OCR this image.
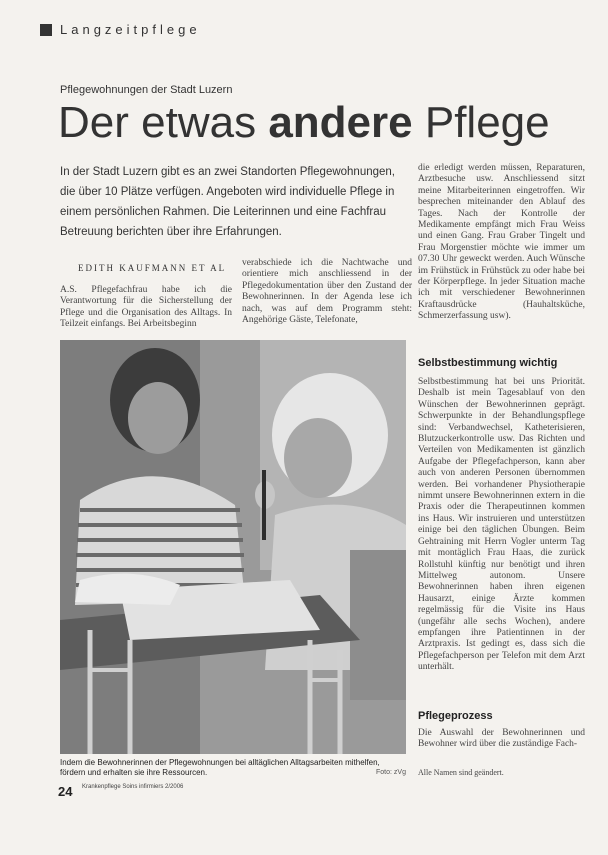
Langzeitpflege
Pflegewohnungen der Stadt Luzern
Der etwas andere Pflege
In der Stadt Luzern gibt es an zwei Standorten Pflegewohnungen, die über 10 Plätze verfügen. Angeboten wird individuelle Pflege in einem persönlichen Rahmen. Die Leiterinnen und eine Fachfrau Betreuung berichten über ihre Erfahrungen.
EDITH KAUFMANN ET AL

A.S. Pflegefachfrau habe ich die Verantwortung für die Sicherstellung der Pflege und die Organisation des Alltags. In Teilzeit einfangs. Bei Arbeitsbeginn

verabschiede ich die Nachtwache und orientiere mich anschliessend in der Pflegedokumentation über den Zustand der Bewohnerinnen. In der Agenda lese ich nach, was auf dem Programm steht: Angehörige Gäste, Telefonate,

die erledigt werden müssen, Reparaturen, Arztbesuche usw. Anschliessend sitzt meine Mitarbeiterinnen eingetroffen. Wir besprechen miteinander den Ablauf des Tages. Nach der Kontrolle der Medikamente empfängt mich Frau Weiss und einen Gang. Frau Graber Tingelt und Frau Morgenstier möchte wie immer um 07.30 Uhr geweckt werden. Auch Wünsche im Frühstück in Frühstück zu oder habe bei der Körperpflege. In jeder Situation mache ich mit verschiedener Bewohnerinnen Kraftausdrücke (Hauhaltsküche, Schmerzerfassung usw).

Selbstbestimmung wichtig

Selbstbestimmung hat bei uns Priorität. Deshalb ist mein Tagesablauf von den Wünschen der Bewohnerinnen geprägt. Schwerpunkte in der Behandlungspflege sind: Verbandwechsel, Katheterisieren, Blutzuckerkontrolle usw. Das Richten und Verteilen von Medikamenten ist gänzlich Aufgabe der Pflegefachperson, kann aber auch von anderen Personen übernommen werden. Bei vorhandener Physiotherapie nimmt unsere Bewohnerinnen extern in die Praxis oder die Therapeutinnen kommen ins Haus. Wir instruieren und unterstützen einige bei den täglichen Übungen. Beim Gehtraining mit Herrn Vogler unterm Tag mit montäglich Frau Haas, die zurück Rollstuhl künftig nur benötigt und ihren Mittelweg autonom. Unsere Bewohnerinnen haben ihren eigenen Hausarzt, einige Ärzte kommen regelmässig für die Visite ins Haus (ungefähr alle sechs Wochen), andere empfangen ihre Patientinnen in der Arztpraxis. Ist gedingt es, dass sich die Pflegefachperson per Telefon mit dem Arzt unterhält.

Pflegeprozess

Die Auswahl der Bewohnerinnen und Bewohner wird über die zuständige Fach-

Indem die Bewohnerinnen der Pflegewohnungen bei alltäglichen Alltagsarbeiten mithelfen, fördern und erhalten sie ihre Ressourcen.	Foto: zVg
24 Krankenpflege Soins infirmiers 2/2006
Alle Namen sind geändert.
